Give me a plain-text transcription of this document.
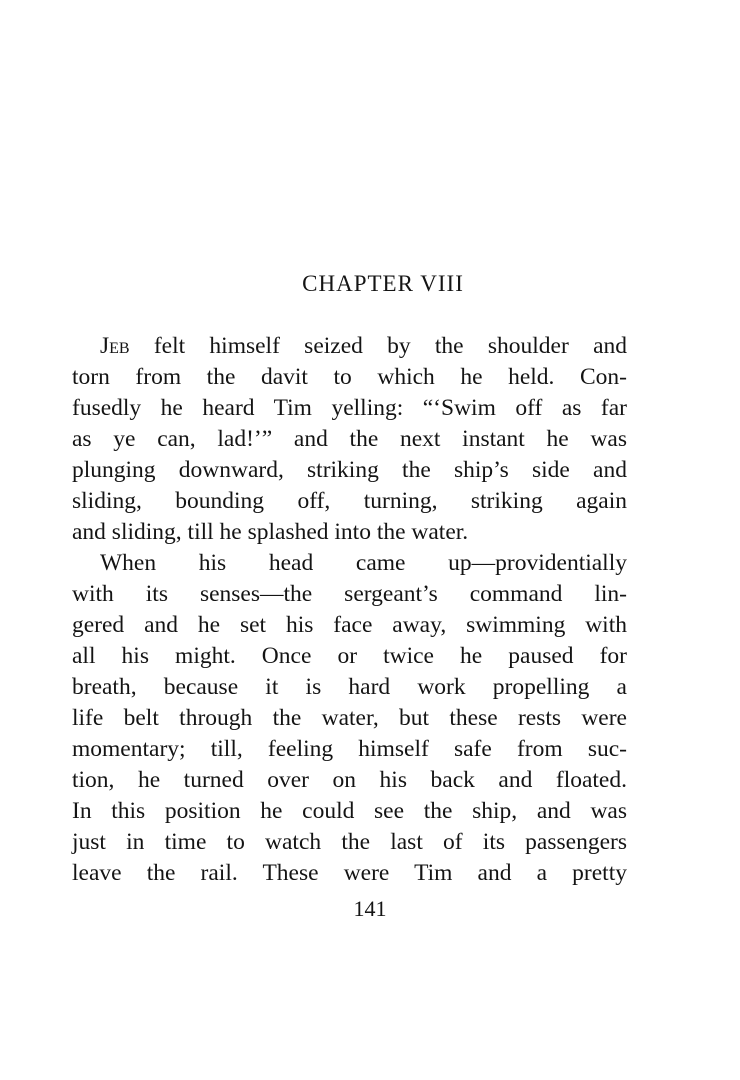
CHAPTER VIII
Jeb felt himself seized by the shoulder and
torn from the davit to which he held. Con-
fusedly he heard Tim yelling: “‘Swim off as far
as ye can, lad!’” and the next instant he was
plunging downward, striking the ship’s side and
sliding, bounding off, turning, striking again
and sliding, till he splashed into the water.
When his head came up—providentially
with its senses—the sergeant’s command lin-
gered and he set his face away, swimming with
all his might. Once or twice he paused for
breath, because it is hard work propelling a
life belt through the water, but these rests were
momentary; till, feeling himself safe from suc-
tion, he turned over on his back and floated.
In this position he could see the ship, and was
just in time to watch the last of its passengers
leave the rail. These were Tim and a pretty
141
